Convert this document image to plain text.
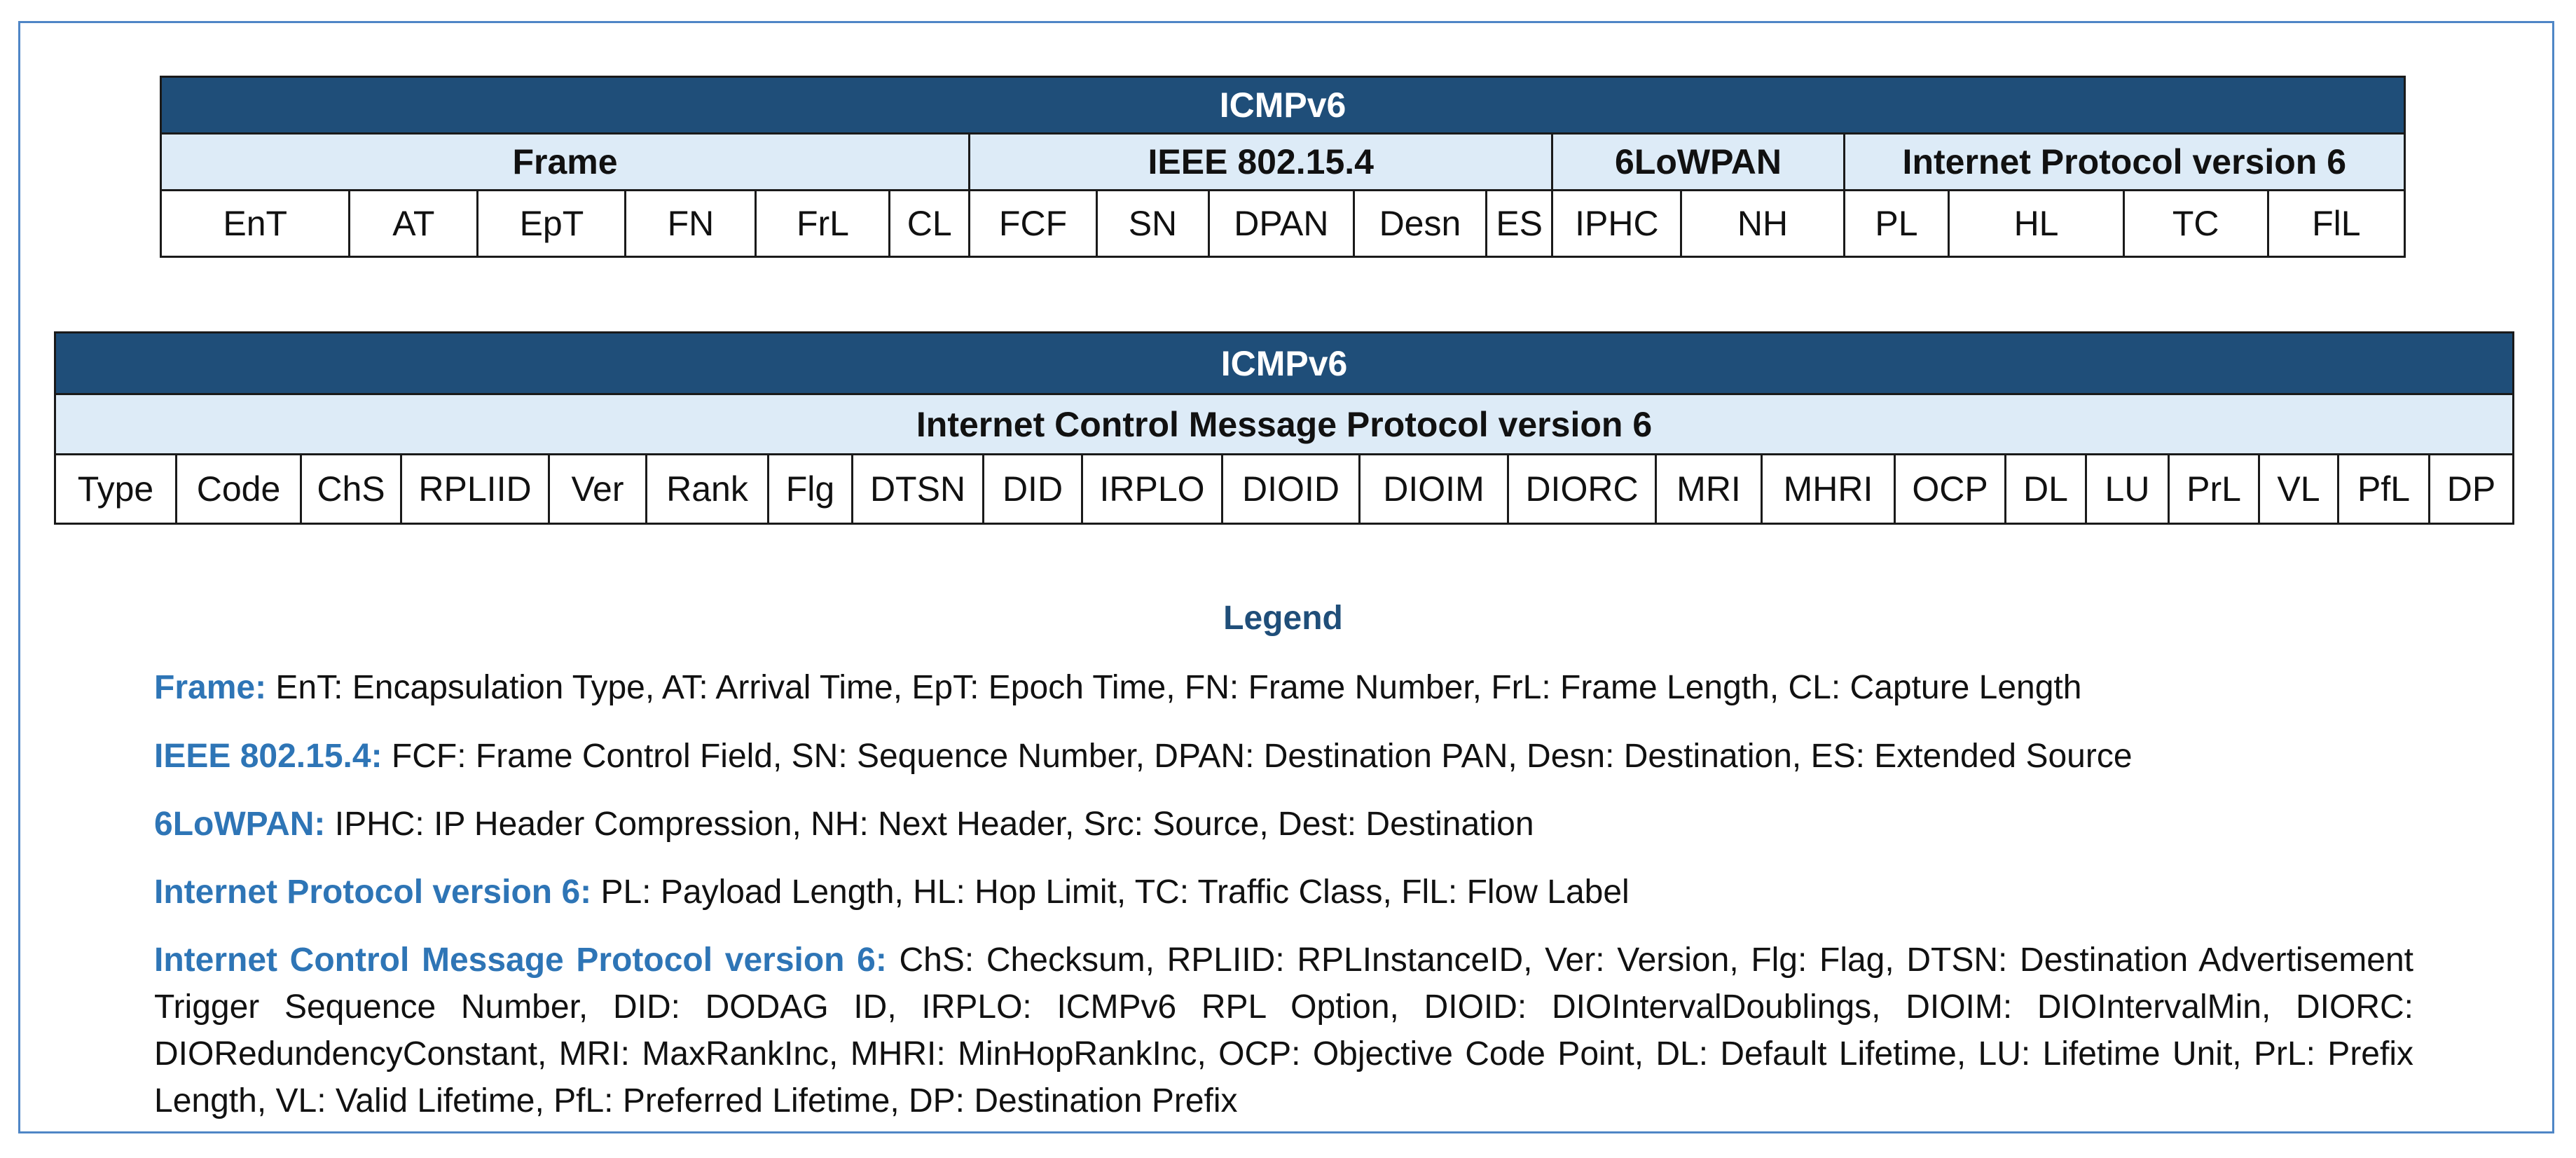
ICMPv6																
Frame						IEEE 802.15.4					6LoWPAN		Internet Protocol version 6			
EnT	AT	EpT	FN	FrL	CL	FCF	SN	DPAN	Desn	ES	IPHC	NH	PL	HL	TC	FlL
ICMPv6
Internet Control Message Protocol version 6
Type	Code	ChS	RPLIID	Ver	Rank	Flg	DTSN	DID	IRPLO	DIOID	DIOIM	DIORC	MRI	MHRI	OCP	DL	LU	PrL	VL	PfL	DP
Legend
Frame: EnT: Encapsulation Type, AT: Arrival Time, EpT: Epoch Time, FN: Frame Number, FrL: Frame Length, CL: Capture Length
IEEE 802.15.4: FCF: Frame Control Field, SN: Sequence Number, DPAN: Destination PAN, Desn: Destination, ES: Extended Source
6LoWPAN: IPHC: IP Header Compression, NH: Next Header, Src: Source, Dest: Destination
Internet Protocol version 6: PL: Payload Length, HL: Hop Limit, TC: Traffic Class, FlL: Flow Label
Internet Control Message Protocol version 6: ChS: Checksum, RPLIID: RPLInstanceID, Ver: Version, Flg: Flag, DTSN: Destination Advertisement Trigger Sequence Number, DID: DODAG ID, IRPLO: ICMPv6 RPL Option, DIOID: DIOIntervalDoublings, DIOIM: DIOIntervalMin, DIORC: DIORedundencyConstant, MRI: MaxRankInc, MHRI: MinHopRankInc, OCP: Objective Code Point, DL: Default Lifetime, LU: Lifetime Unit, PrL: Prefix Length, VL: Valid Lifetime, PfL: Preferred Lifetime, DP: Destination Prefix
